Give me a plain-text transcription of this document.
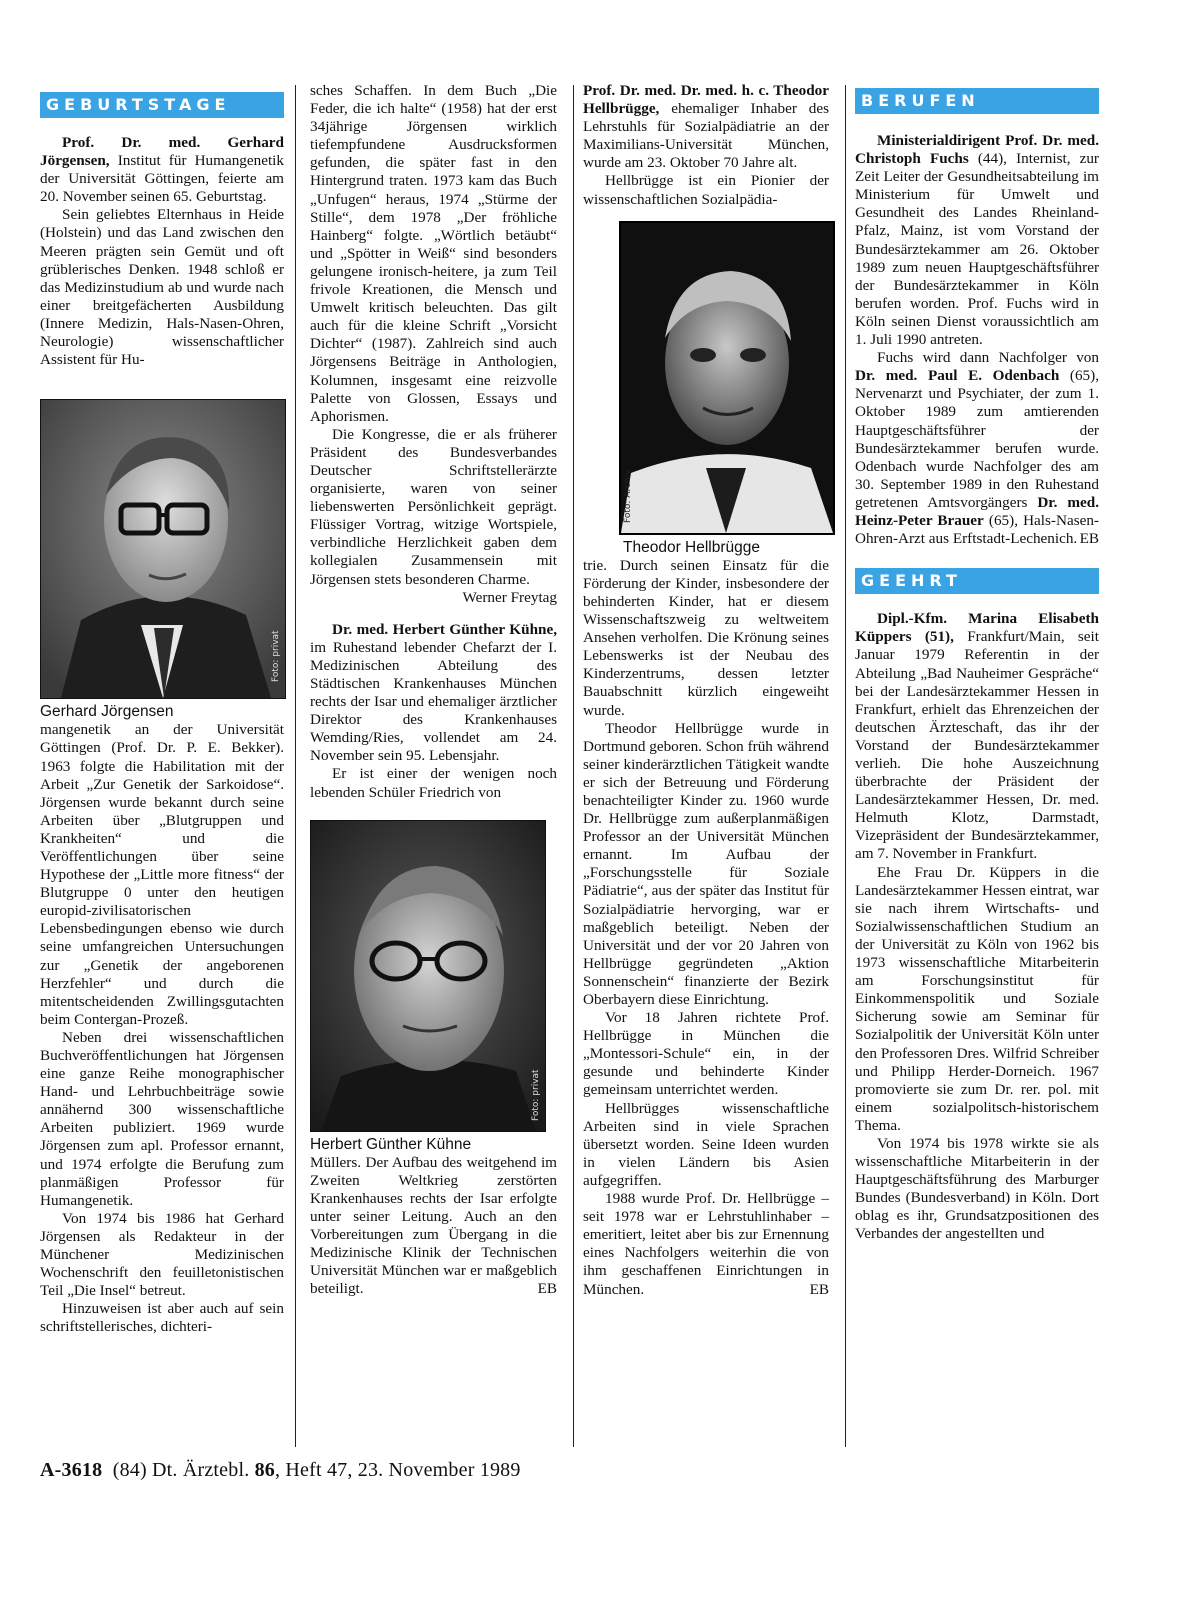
GEBURTSTAGE

Prof. Dr. med. Gerhard Jörgensen, Institut für Humangenetik der Universität Göttingen, feierte am 20. November seinen 65. Geburtstag.

Sein geliebtes Elternhaus in Heide (Holstein) und das Land zwischen den Meeren prägten sein Gemüt und oft grüblerisches Denken. 1948 schloß er das Medizinstudium ab und wurde nach einer breitgefächerten Ausbildung (Innere Medizin, Hals-Nasen-Ohren, Neurologie) wissenschaftlicher Assistent für Hu-

Foto: privat

Gerhard Jörgensen

mangenetik an der Universität Göttingen (Prof. Dr. P. E. Bekker). 1963 folgte die Habilitation mit der Arbeit „Zur Genetik der Sarkoidose“. Jörgensen wurde bekannt durch seine Arbeiten über „Blutgruppen und Krankheiten“ und die Veröffentlichungen über seine Hypothese der „Little more fitness“ der Blutgruppe 0 unter den heutigen europid-zivilisatorischen Lebensbedingungen ebenso wie durch seine umfangreichen Untersuchungen zur „Genetik der angeborenen Herzfehler“ und durch die mitentscheidenden Zwillingsgutachten beim Contergan-Prozeß.

Neben drei wissenschaftlichen Buchveröffentlichungen hat Jörgensen eine ganze Reihe monographischer Hand- und Lehrbuchbeiträge sowie annähernd 300 wissenschaftliche Arbeiten publiziert. 1969 wurde Jörgensen zum apl. Professor ernannt, und 1974 erfolgte die Berufung zum planmäßigen Professor für Humangenetik.

Von 1974 bis 1986 hat Gerhard Jörgensen als Redakteur in der Münchener Medizinischen Wochenschrift den feuilletonistischen Teil „Die Insel“ betreut.

Hinzuweisen ist aber auch auf sein schriftstellerisches, dichteri-

sches Schaffen. In dem Buch „Die Feder, die ich halte“ (1958) hat der erst 34jährige Jörgensen wirklich tiefempfundene Ausdrucksformen gefunden, die später fast in den Hintergrund traten. 1973 kam das Buch „Unfugen“ heraus, 1974 „Stürme der Stille“, dem 1978 „Der fröhliche Hainberg“ folgte. „Wörtlich betäubt“ und „Spötter in Weiß“ sind besonders gelungene ironisch-heitere, ja zum Teil frivole Kreationen, die Mensch und Umwelt kritisch beleuchten. Das gilt auch für die kleine Schrift „Vorsicht Dichter“ (1987). Zahlreich sind auch Jörgensens Beiträge in Anthologien, Kolumnen, insgesamt eine reizvolle Palette von Glossen, Essays und Aphorismen.

Die Kongresse, die er als früherer Präsident des Bundesverbandes Deutscher Schriftstellerärzte organisierte, waren von seiner liebenswerten Persönlichkeit geprägt. Flüssiger Vortrag, witzige Wortspiele, verbindliche Herzlichkeit gaben dem kollegialen Zusammensein mit Jörgensen stets besonderen Charme.

Werner Freytag

Dr. med. Herbert Günther Kühne, im Ruhestand lebender Chefarzt der I. Medizinischen Abteilung des Städtischen Krankenhauses München rechts der Isar und ehemaliger ärztlicher Direktor des Krankenhauses Wemding/Ries, vollendet am 24. November sein 95. Lebensjahr.

Er ist einer der wenigen noch lebenden Schüler Friedrich von

Foto: privat

Herbert Günther Kühne

Müllers. Der Aufbau des weitgehend im Zweiten Weltkrieg zerstörten Krankenhauses rechts der Isar erfolgte unter seiner Leitung. Auch an den Vorbereitungen zum Übergang in die Medizinische Klinik der Technischen Universität München war er maßgeblich beteiligt.	EB

Prof. Dr. med. Dr. med. h. c. Theodor Hellbrügge, ehemaliger Inhaber des Lehrstuhls für Sozialpädiatrie an der Maximilians-Universität München, wurde am 23. Oktober 70 Jahre alt.

Hellbrügge ist ein Pionier der wissenschaftlichen Sozialpädia-

Foto: Archiv

Theodor Hellbrügge

trie. Durch seinen Einsatz für die Förderung der Kinder, insbesondere der behinderten Kinder, hat er diesem Wissenschaftszweig zu weltweitem Ansehen verholfen. Die Krönung seines Lebenswerks ist der Neubau des Kinderzentrums, dessen letzter Bauabschnitt kürzlich eingeweiht wurde.

Theodor Hellbrügge wurde in Dortmund geboren. Schon früh während seiner kinderärztlichen Tätigkeit wandte er sich der Betreuung und Förderung benachteiligter Kinder zu. 1960 wurde Dr. Hellbrügge zum außerplanmäßigen Professor an der Universität München ernannt. Im Aufbau der „Forschungsstelle für Soziale Pädiatrie“, aus der später das Institut für Sozialpädiatrie hervorging, war er maßgeblich beteiligt. Neben der Universität und der vor 20 Jahren von Hellbrügge gegründeten „Aktion Sonnenschein“ finanzierte der Bezirk Oberbayern diese Einrichtung.

Vor 18 Jahren richtete Prof. Hellbrügge in München die „Montessori-Schule“ ein, in der gesunde und behinderte Kinder gemeinsam unterrichtet werden.

Hellbrügges wissenschaftliche Arbeiten sind in viele Sprachen übersetzt worden. Seine Ideen wurden in vielen Ländern bis Asien aufgegriffen.

1988 wurde Prof. Dr. Hellbrügge – seit 1978 war er Lehrstuhlinhaber – emeritiert, leitet aber bis zur Ernennung eines Nachfolgers weiterhin die von ihm geschaffenen Einrichtungen in München.	EB

BERUFEN

Ministerialdirigent Prof. Dr. med. Christoph Fuchs (44), Internist, zur Zeit Leiter der Gesundheitsabteilung im Ministerium für Umwelt und Gesundheit des Landes Rheinland-Pfalz, Mainz, ist vom Vorstand der Bundesärztekammer am 26. Oktober 1989 zum neuen Hauptgeschäftsführer der Bundesärztekammer in Köln berufen worden. Prof. Fuchs wird in Köln seinen Dienst voraussichtlich am 1. Juli 1990 antreten.

Fuchs wird dann Nachfolger von Dr. med. Paul E. Odenbach (65), Nervenarzt und Psychiater, der zum 1. Oktober 1989 zum amtierenden Hauptgeschäftsführer der Bundesärztekammer berufen wurde. Odenbach wurde Nachfolger des am 30. September 1989 in den Ruhestand getretenen Amtsvorgängers Dr. med. Heinz-Peter Brauer (65), Hals-Nasen-Ohren-Arzt aus Erftstadt-Lechenich. EB

GEEHRT

Dipl.-Kfm. Marina Elisabeth Küppers (51), Frankfurt/Main, seit Januar 1979 Referentin in der Abteilung „Bad Nauheimer Gespräche“ bei der Landesärztekammer Hessen in Frankfurt, erhielt das Ehrenzeichen der deutschen Ärzteschaft, das ihr der Vorstand der Bundesärztekammer verlieh. Die hohe Auszeichnung überbrachte der Präsident der Landesärztekammer Hessen, Dr. med. Helmuth Klotz, Darmstadt, Vizepräsident der Bundesärztekammer, am 7. November in Frankfurt.

Ehe Frau Dr. Küppers in die Landesärztekammer Hessen eintrat, war sie nach ihrem Wirtschafts- und Sozialwissenschaftlichen Studium an der Universität zu Köln von 1962 bis 1973 wissenschaftliche Mitarbeiterin am Forschungsinstitut für Einkommenspolitik und Soziale Sicherung sowie am Seminar für Sozialpolitik der Universität Köln unter den Professoren Dres. Wilfrid Schreiber und Philipp Herder-Dorneich. 1967 promovierte sie zum Dr. rer. pol. mit einem sozialpolitsch-historischem Thema.

Von 1974 bis 1978 wirkte sie als wissenschaftliche Mitarbeiterin in der Hauptgeschäftsführung des Marburger Bundes (Bundesverband) in Köln. Dort oblag es ihr, Grundsatzpositionen des Verbandes der angestellten und

A-3618  (84) Dt. Ärztebl. 86, Heft 47, 23. November 1989
